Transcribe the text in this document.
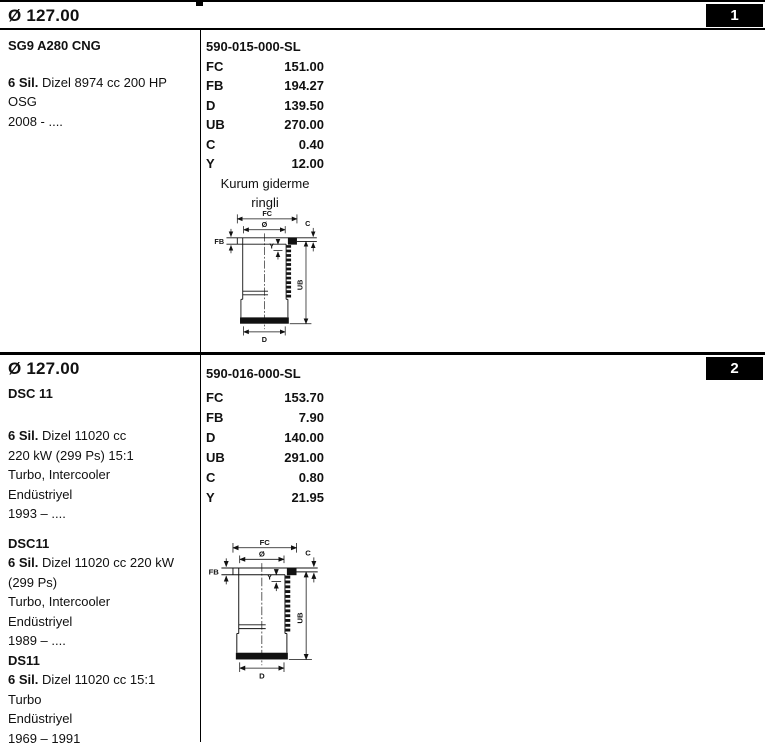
Ø 127.00	1
SG9 A280 CNG
6 Sil. Dizel 8974 cc 200 HP
OSG
2008 - ....
590-015-000-SL
FC	151.00
FB	194.27
D	139.50
UB	270.00
C	0.40
Y	12.00
Kurum giderme
ringli
FC
Ø	C
FB
Y
UB
D
2
Ø 127.00
DSC 11
6 Sil. Dizel 11020 cc
220 kW (299 Ps) 15:1
Turbo, Intercooler
Endüstriyel
1993 – ....
DSC11
6 Sil. Dizel 11020 cc 220 kW
(299 Ps)
Turbo, Intercooler
Endüstriyel
1989 – ....
DS11
6 Sil. Dizel 11020 cc 15:1
Turbo
Endüstriyel
1969 – 1991
590-016-000-SL
FC	153.70
FB	7.90
D	140.00
UB	291.00
C	0.80
Y	21.95
FC
Ø	C
FB
Y
UB
D
